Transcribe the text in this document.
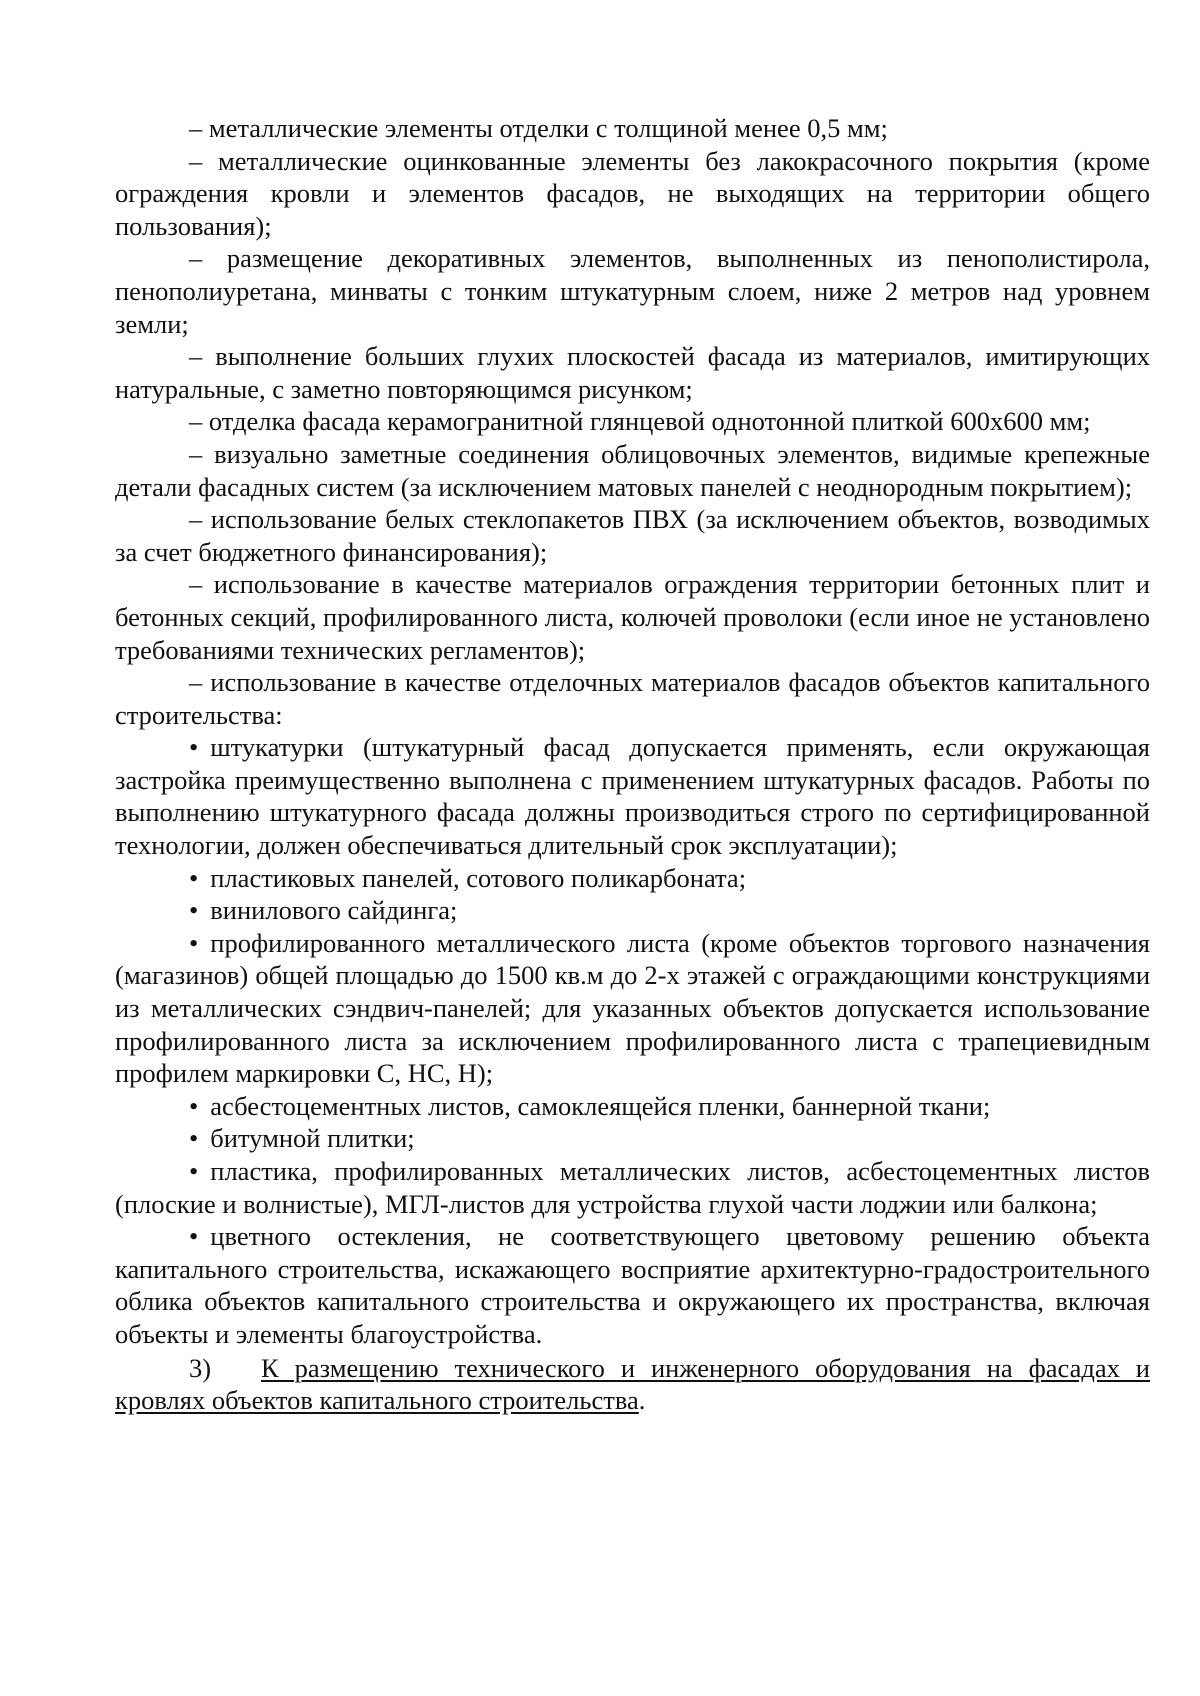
– металлические элементы отделки с толщиной менее 0,5 мм;

– металлические оцинкованные элементы без лакокрасочного покрытия (кроме ограждения кровли и элементов фасадов, не выходящих на территории общего пользования);

– размещение декоративных элементов, выполненных из пенополистирола, пенополиуретана, минваты с тонким штукатурным слоем, ниже 2 метров над уровнем земли;

– выполнение больших глухих плоскостей фасада из материалов, имитирующих натуральные, с заметно повторяющимся рисунком;

– отделка фасада керамогранитной глянцевой однотонной плиткой 600х600 мм;

– визуально заметные соединения облицовочных элементов, видимые крепежные детали фасадных систем (за исключением матовых панелей с неоднородным покрытием);

– использование белых стеклопакетов ПВХ (за исключением объектов, возводимых за счет бюджетного финансирования);

– использование в качестве материалов ограждения территории бетонных плит и бетонных секций, профилированного листа, колючей проволоки (если иное не установлено требованиями технических регламентов);

– использование в качестве отделочных материалов фасадов объектов капитального строительства:

• штукатурки (штукатурный фасад допускается применять, если окружающая застройка преимущественно выполнена с применением штукатурных фасадов. Работы по выполнению штукатурного фасада должны производиться строго по сертифицированной технологии, должен обеспечиваться длительный срок эксплуатации);

• пластиковых панелей, сотового поликарбоната;

• винилового сайдинга;

• профилированного металлического листа (кроме объектов торгового назначения (магазинов) общей площадью до 1500 кв.м до 2-х этажей с ограждающими конструкциями из металлических сэндвич-панелей; для указанных объектов допускается использование профилированного листа за исключением профилированного листа с трапециевидным профилем маркировки С, НС, Н);

• асбестоцементных листов, самоклеящейся пленки, баннерной ткани;

• битумной плитки;

• пластика, профилированных металлических листов, асбестоцементных листов (плоские и волнистые), МГЛ-листов для устройства глухой части лоджии или балкона;

• цветного остекления, не соответствующего цветовому решению объекта капитального строительства, искажающего восприятие архитектурно-градостроительного облика объектов капитального строительства и окружающего их пространства, включая объекты и элементы благоустройства.

3) К размещению технического и инженерного оборудования на фасадах и кровлях объектов капитального строительства.
